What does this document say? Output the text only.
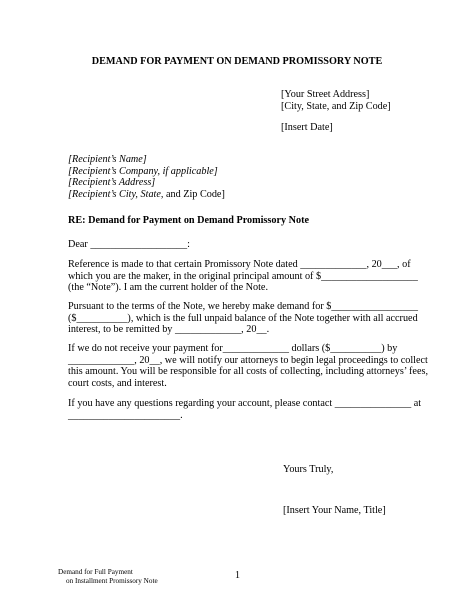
DEMAND FOR PAYMENT ON DEMAND PROMISSORY NOTE
[Your Street Address]
[City, State, and Zip Code]
[Insert Date]
[Recipient’s Name]
[Recipient’s Company, if applicable]
[Recipient’s Address]
[Recipient’s City, State, and Zip Code]
RE: Demand for Payment on Demand Promissory Note
Dear ___________________:
Reference is made to that certain Promissory Note dated _____________, 20___, of
which you are the maker, in the original principal amount of $___________________
(the “Note”). I am the current holder of the Note.
Pursuant to the terms of the Note, we hereby make demand for $_________________
($__________), which is the full unpaid balance of the Note together with all accrued
interest, to be remitted by _____________, 20__.
If we do not receive your payment for_____________ dollars ($__________) by
_____________, 20__, we will notify our attorneys to begin legal proceedings to collect
this amount. You will be responsible for all costs of collecting, including attorneys’ fees,
court costs, and interest.
If you have any questions regarding your account, please contact _______________ at
______________________.
Yours Truly,
[Insert Your Name, Title]
Demand for Full Payment
on Installment Promissory Note	1
